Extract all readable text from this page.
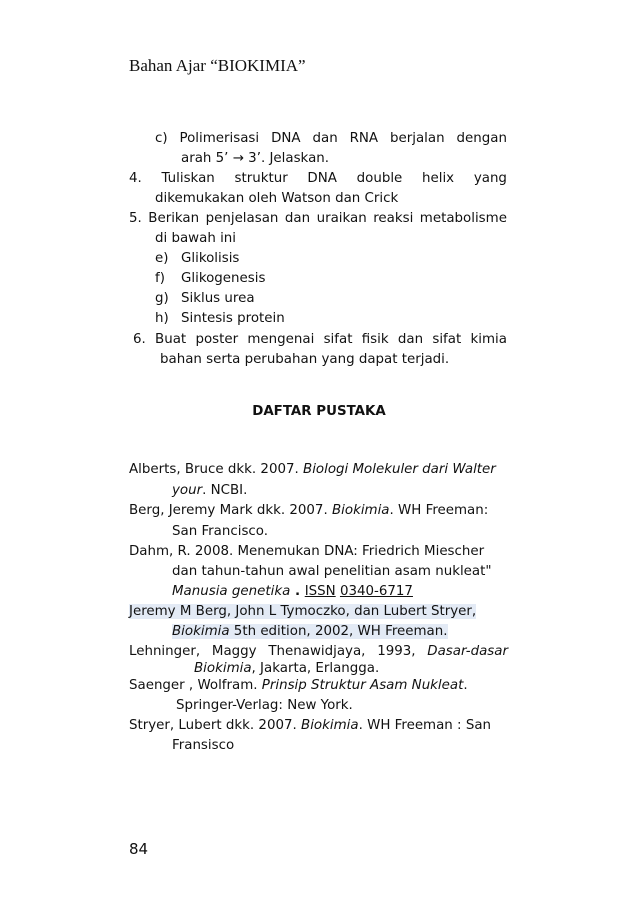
Bahan Ajar “BIOKIMIA”
c) Polimerisasi DNA dan RNA berjalan dengan
arah 5’ → 3’. Jelaskan.
4. Tuliskan struktur DNA double helix yang
dikemukakan oleh Watson dan Crick
5. Berikan penjelasan dan uraikan reaksi metabolisme
di bawah ini
e) Glikolisis
f) Glikogenesis
g) Siklus urea
h) Sintesis protein
6. Buat poster mengenai sifat fisik dan sifat kimia
bahan serta perubahan yang dapat terjadi.
DAFTAR PUSTAKA
Alberts, Bruce dkk. 2007. Biologi Molekuler dari Walter
your. NCBI.
Berg, Jeremy Mark dkk. 2007. Biokimia. WH Freeman:
San Francisco.
Dahm, R. 2008. Menemukan DNA: Friedrich Miescher
dan tahun-tahun awal penelitian asam nukleat"
Manusia genetika . ISSN 0340-6717
Jeremy M Berg, John L Tymoczko, dan Lubert Stryer,
Biokimia 5th edition, 2002, WH Freeman.
Lehninger, Maggy Thenawidjaya, 1993, Dasar-dasar
Biokimia, Jakarta, Erlangga.
Saenger , Wolfram. Prinsip Struktur Asam Nukleat.
Springer-Verlag: New York.
Stryer, Lubert dkk. 2007. Biokimia. WH Freeman : San
Fransisco
84
